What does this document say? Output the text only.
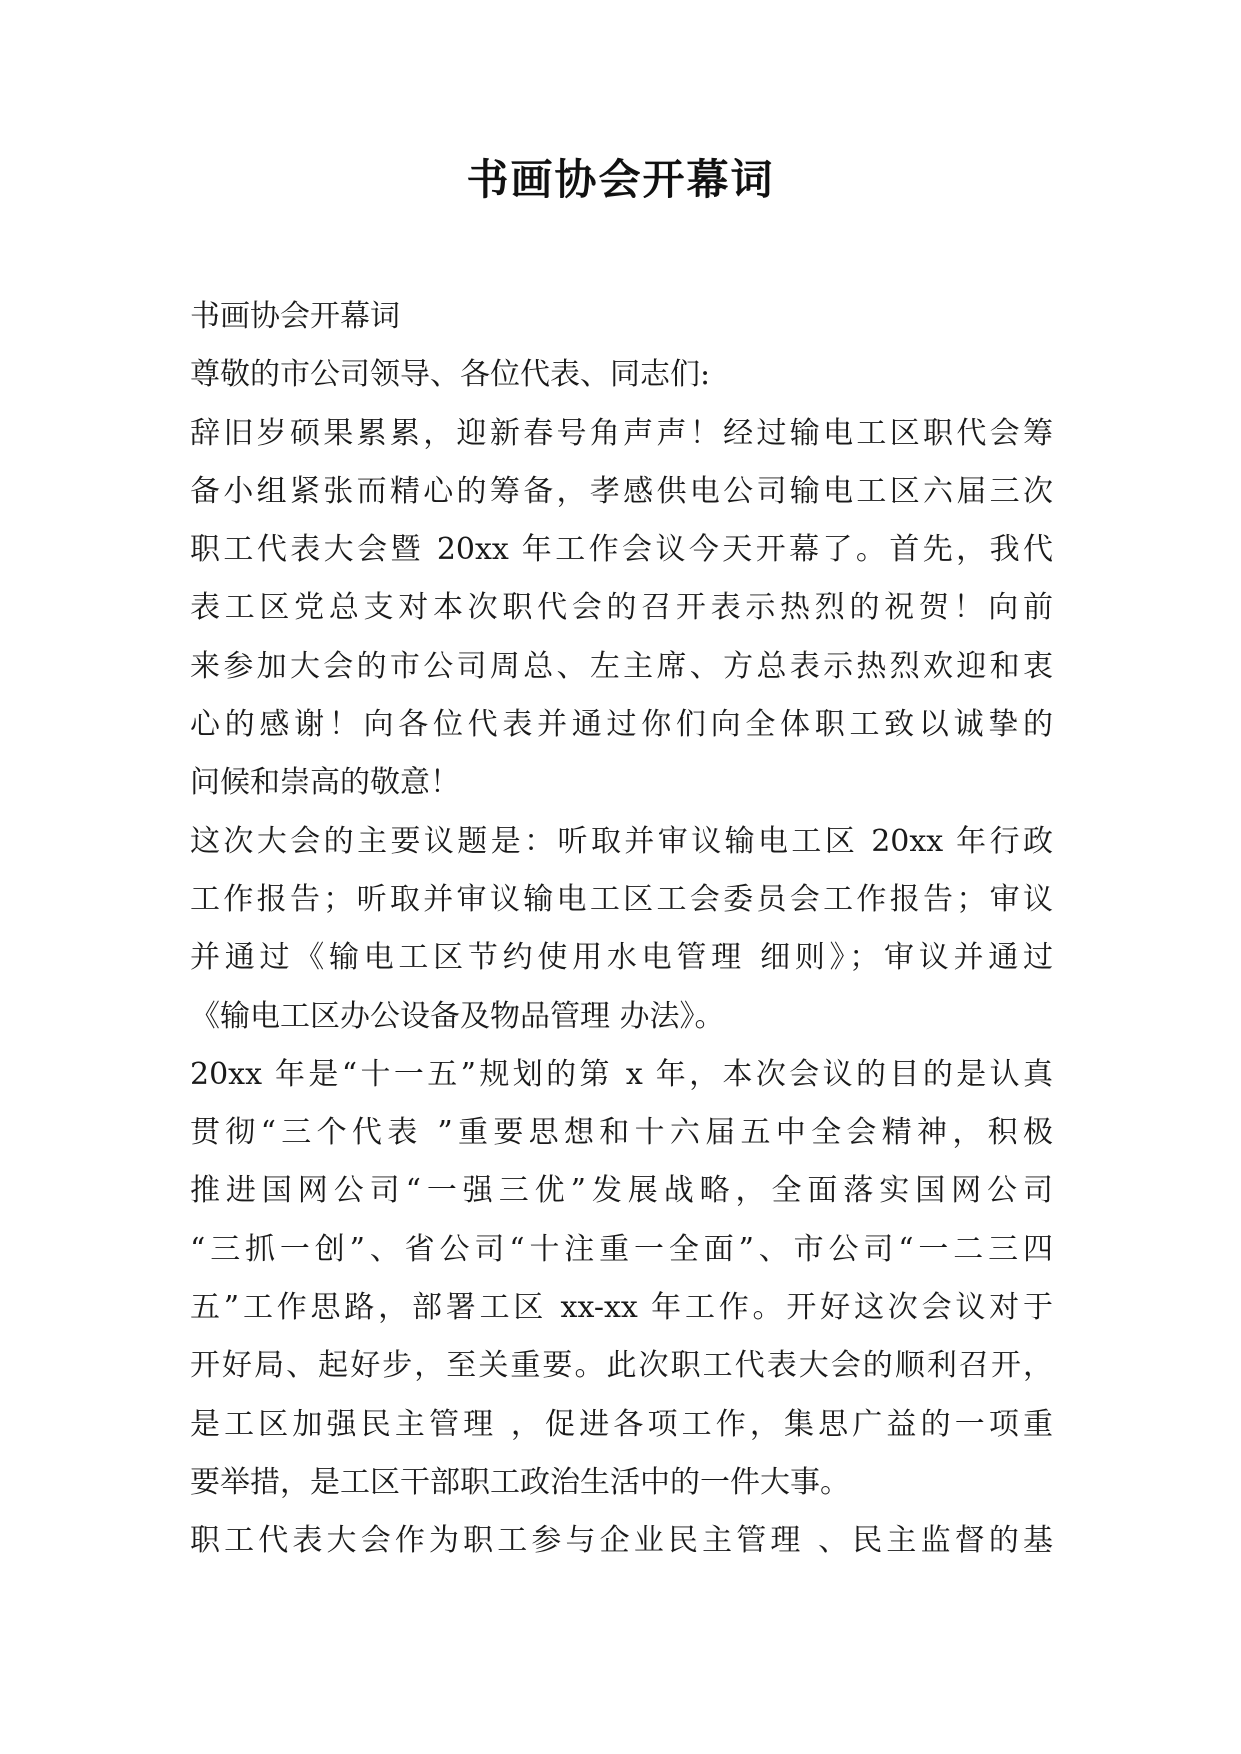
书画协会开幕词
书画协会开幕词
尊敬的市公司领导、各位代表、同志们:
辞旧岁硕果累累，迎新春号角声声！经过输电工区职代会筹
备小组紧张而精心的筹备，孝感供电公司输电工区六届三次
职工代表大会暨 20xx 年工作会议今天开幕了。首先，我代
表工区党总支对本次职代会的召开表示热烈的祝贺！向前
来参加大会的市公司周总、左主席、方总表示热烈欢迎和衷
心的感谢！向各位代表并通过你们向全体职工致以诚挚的
问候和崇高的敬意！
这次大会的主要议题是：听取并审议输电工区 20xx 年行政
工作报告；听取并审议输电工区工会委员会工作报告；审议
并通过《输电工区节约使用水电管理 细则》；审议并通过
《输电工区办公设备及物品管理 办法》。
20xx 年是“十一五”规划的第 x 年，本次会议的目的是认真
贯彻“三个代表 ”重要思想和十六届五中全会精神，积极
推进国网公司“一强三优”发展战略，全面落实国网公司
“三抓一创”、省公司“十注重一全面”、市公司“一二三四
五”工作思路，部署工区 xx-xx 年工作。开好这次会议对于
开好局、起好步，至关重要。此次职工代表大会的顺利召开，
是工区加强民主管理 ，促进各项工作，集思广益的一项重
要举措，是工区干部职工政治生活中的一件大事。
职工代表大会作为职工参与企业民主管理 、民主监督的基
